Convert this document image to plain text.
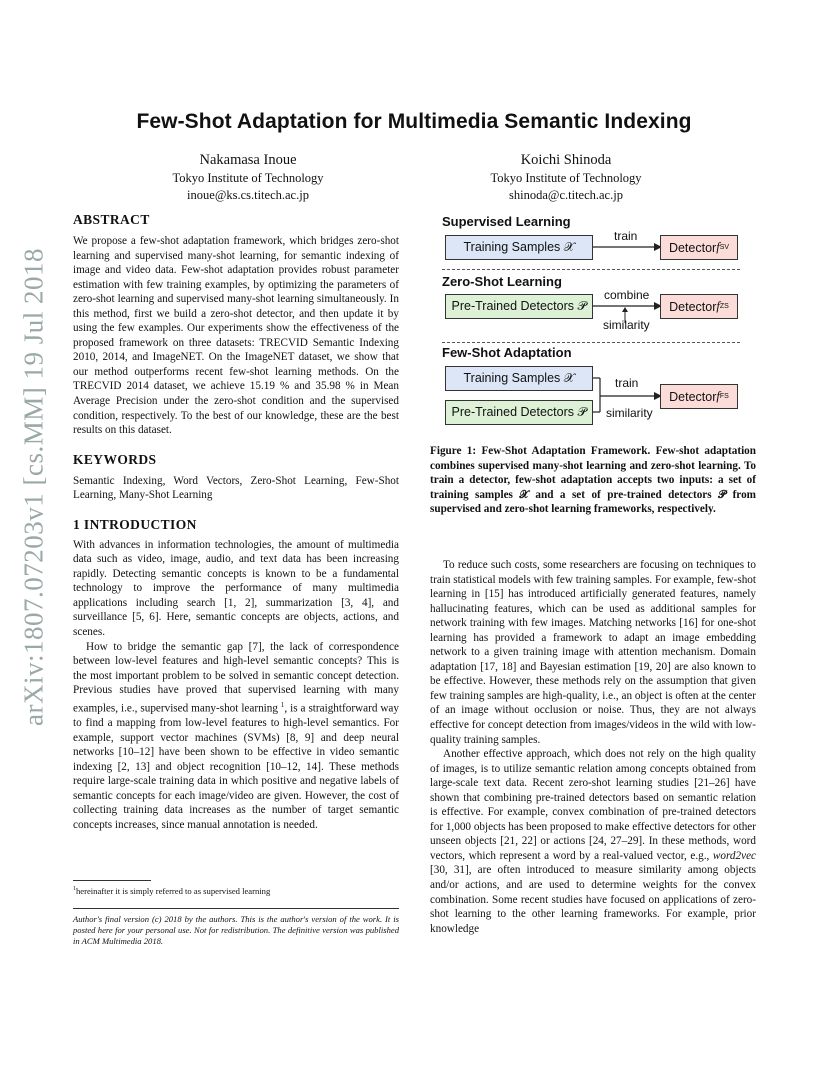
arXiv:1807.07203v1 [cs.MM] 19 Jul 2018
Few-Shot Adaptation for Multimedia Semantic Indexing
Nakamasa Inoue
Tokyo Institute of Technology
inoue@ks.cs.titech.ac.jp
Koichi Shinoda
Tokyo Institute of Technology
shinoda@c.titech.ac.jp
ABSTRACT

We propose a few-shot adaptation framework, which bridges zero-shot learning and supervised many-shot learning, for semantic indexing of image and video data. Few-shot adaptation provides robust parameter estimation with few training examples, by optimizing the parameters of zero-shot learning and supervised many-shot learning simultaneously. In this method, first we build a zero-shot detector, and then update it by using the few examples. Our experiments show the effectiveness of the proposed framework on three datasets: TRECVID Semantic Indexing 2010, 2014, and ImageNET. On the ImageNET dataset, we show that our method outperforms recent few-shot learning methods. On the TRECVID 2014 dataset, we achieve 15.19 % and 35.98 % in Mean Average Precision under the zero-shot condition and the supervised condition, respectively. To the best of our knowledge, these are the best results on this dataset.

KEYWORDS

Semantic Indexing, Word Vectors, Zero-Shot Learning, Few-Shot Learning, Many-Shot Learning

1 INTRODUCTION

With advances in information technologies, the amount of multimedia data such as video, image, audio, and text data has been increasing rapidly. Detecting semantic concepts is known to be a fundamental technology to improve the performance of many multimedia applications including search [1, 2], summarization [3, 4], and surveillance [5, 6]. Here, semantic concepts are objects, actions, and scenes.

How to bridge the semantic gap [7], the lack of correspondence between low-level features and high-level semantic concepts? This is the most important problem to be solved in semantic concept detection. Previous studies have proved that supervised learning with many examples, i.e., supervised many-shot learning $^1$, is a straightforward way to find a mapping from low-level features to high-level semantics. For example, support vector machines (SVMs) [8, 9] and deep neural networks [10–12] have been shown to be effective in video semantic indexing [2, 13] and object recognition [10–12, 14]. These methods require large-scale training data in which positive and negative labels of semantic concepts for each image/video are given. However, the cost of collecting training data increases as the number of target semantic concepts increases, since manual annotation is needed.

$^1$hereinafter it is simply referred to as supervised learning
Author's final version (c) 2018 by the authors. This is the author's version of the work. It is posted here for your personal use. Not for redistribution. The definitive version was published in ACM Multimedia 2018.
Supervised Learning
Training Samples 𝒳
train
Detector f SV
Zero-Shot Learning
Pre-Trained Detectors 𝒫
combine
similarity
Detector f ZS
Few-Shot Adaptation
Training Samples 𝒳
Pre-Trained Detectors 𝒫
train
similarity
Detector f FS
Figure 1: Few-Shot Adaptation Framework. Few-shot adaptation combines supervised many-shot learning and zero-shot learning. To train a detector, few-shot adaptation accepts two inputs: a set of training samples 𝒳 and a set of pre-trained detectors 𝒫 from supervised and zero-shot learning frameworks, respectively.

To reduce such costs, some researchers are focusing on techniques to train statistical models with few training samples. For example, few-shot learning in [15] has introduced artificially generated features, namely hallucinating features, which can be used as additional samples for network training with few images. Matching networks [16] for one-shot learning has provided a framework to adapt an image embedding network to a given training image with attention mechanism. Domain adaptation [17, 18] and Bayesian estimation [19, 20] are also known to be effective. However, these methods rely on the assumption that given few training samples are high-quality, i.e., an object is often at the center of an image without occlusion or noise. Thus, they are not always effective for concept detection from images/videos in the wild with low-quality training samples.

Another effective approach, which does not rely on the high quality of images, is to utilize semantic relation among concepts obtained from large-scale text data. Recent zero-shot learning studies [21–26] have shown that combining pre-trained detectors based on semantic relation is effective. For example, convex combination of pre-trained detectors for 1,000 objects has been proposed to make effective detectors for other unseen objects [21, 22] or actions [24, 27–29]. In these methods, word vectors, which represent a word by a real-valued vector, e.g., word2vec [30, 31], are often introduced to measure similarity among objects and/or actions, and are used to determine weights for the convex combination. Some recent studies have focused on applications of zero-shot learning to the other learning frameworks. For example, prior knowledge
